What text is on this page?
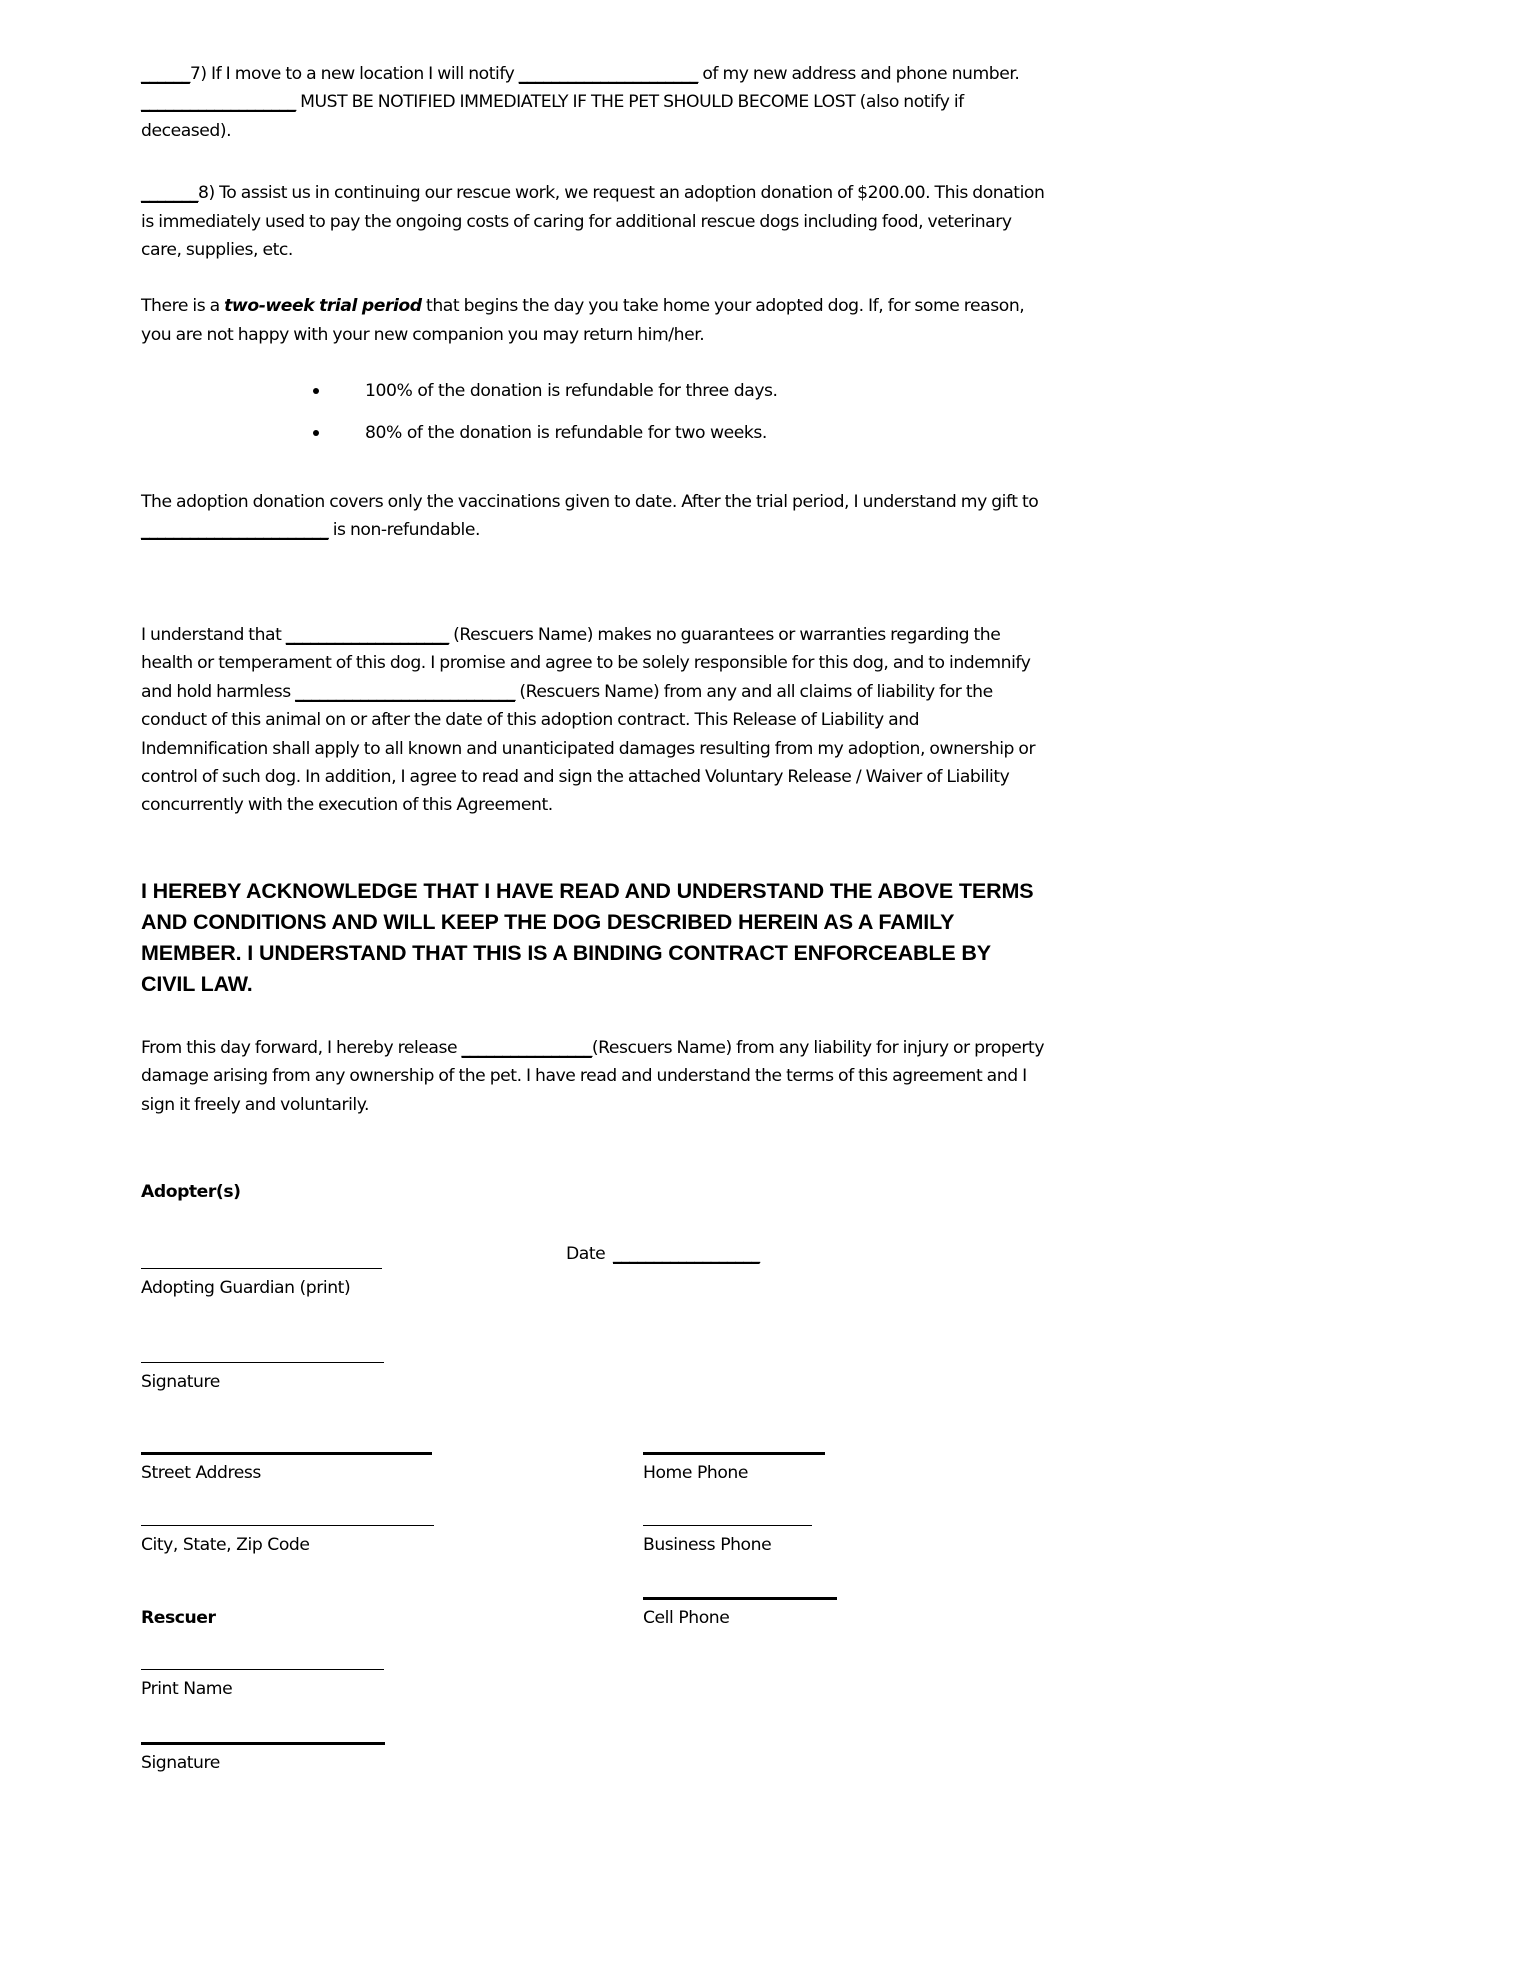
______7) If I move to a new location I will notify ______________________ of my new address and phone number. ___________________ MUST BE NOTIFIED IMMEDIATELY IF THE PET SHOULD BECOME LOST (also notify if deceased).

_______8) To assist us in continuing our rescue work, we request an adoption donation of $200.00. This donation is immediately used to pay the ongoing costs of caring for additional rescue dogs including food, veterinary care, supplies, etc.

There is a two-week trial period that begins the day you take home your adopted dog. If, for some reason, you are not happy with your new companion you may return him/her.

100% of the donation is refundable for three days.
80% of the donation is refundable for two weeks.

The adoption donation covers only the vaccinations given to date. After the trial period, I understand my gift to _______________________ is non-refundable.

I understand that ____________________ (Rescuers Name) makes no guarantees or warranties regarding the health or temperament of this dog. I promise and agree to be solely responsible for this dog, and to indemnify and hold harmless ___________________________ (Rescuers Name) from any and all claims of liability for the conduct of this animal on or after the date of this adoption contract. This Release of Liability and Indemnification shall apply to all known and unanticipated damages resulting from my adoption, ownership or control of such dog. In addition, I agree to read and sign the attached Voluntary Release / Waiver of Liability concurrently with the execution of this Agreement.

I HEREBY ACKNOWLEDGE THAT I HAVE READ AND UNDERSTAND THE ABOVE TERMS AND CONDITIONS AND WILL KEEP THE DOG DESCRIBED HEREIN AS A FAMILY MEMBER. I UNDERSTAND THAT THIS IS A BINDING CONTRACT ENFORCEABLE BY CIVIL LAW.

From this day forward, I hereby release ________________(Rescuers Name) from any liability for injury or property damage arising from any ownership of the pet. I have read and understand the terms of this agreement and I sign it freely and voluntarily.

Adopter(s)
Date __________________
Adopting Guardian (print)
Signature
Street Address	Home Phone
City, State, Zip Code	Business Phone
Rescuer	Cell Phone
Print Name
Signature
